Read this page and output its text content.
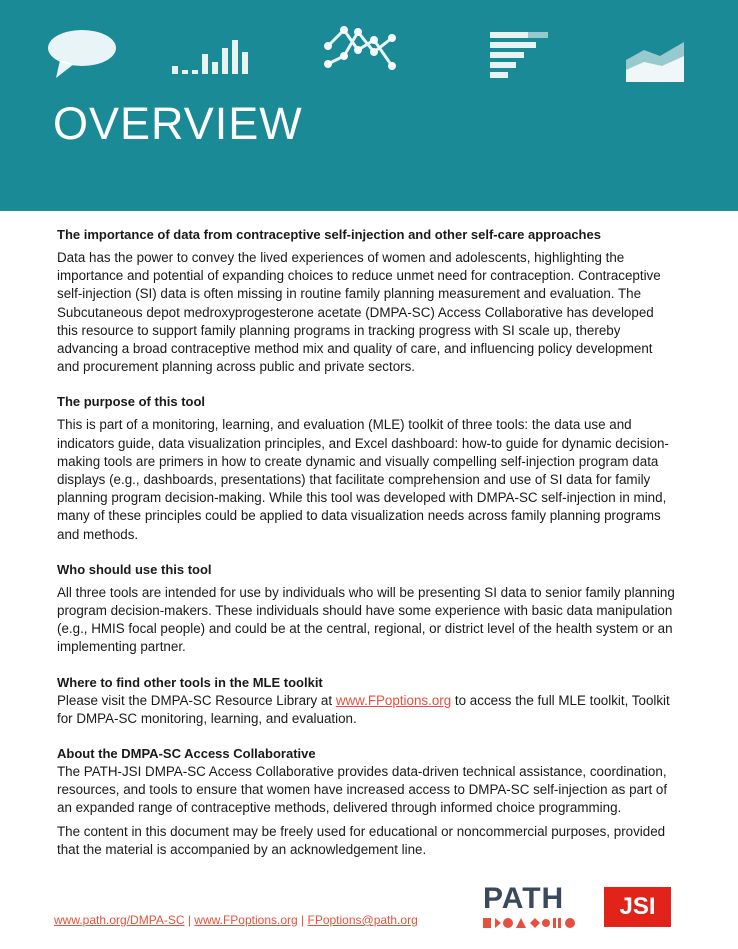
OVERVIEW
The importance of data from contraceptive self-injection and other self-care approaches

Data has the power to convey the lived experiences of women and adolescents, highlighting the importance and potential of expanding choices to reduce unmet need for contraception. Contraceptive self-injection (SI) data is often missing in routine family planning measurement and evaluation. The Subcutaneous depot medroxyprogesterone acetate (DMPA-SC) Access Collaborative has developed this resource to support family planning programs in tracking progress with SI scale up, thereby advancing a broad contraceptive method mix and quality of care, and influencing policy development and procurement planning across public and private sectors.

The purpose of this tool

This is part of a monitoring, learning, and evaluation (MLE) toolkit of three tools: the data use and indicators guide, data visualization principles, and Excel dashboard: how-to guide for dynamic decision-making tools are primers in how to create dynamic and visually compelling self-injection program data displays (e.g., dashboards, presentations) that facilitate comprehension and use of SI data for family planning program decision-making. While this tool was developed with DMPA-SC self-injection in mind, many of these principles could be applied to data visualization needs across family planning programs and methods.

Who should use this tool

All three tools are intended for use by individuals who will be presenting SI data to senior family planning program decision-makers. These individuals should have some experience with basic data manipulation (e.g., HMIS focal people) and could be at the central, regional, or district level of the health system or an implementing partner.

Where to find other tools in the MLE toolkit

Please visit the DMPA-SC Resource Library at www.FPoptions.org to access the full MLE toolkit, Toolkit for DMPA-SC monitoring, learning, and evaluation.

About the DMPA-SC Access Collaborative

The PATH-JSI DMPA-SC Access Collaborative provides data-driven technical assistance, coordination, resources, and tools to ensure that women have increased access to DMPA-SC self-injection as part of an expanded range of contraceptive methods, delivered through informed choice programming.

The content in this document may be freely used for educational or noncommercial purposes, provided that the material is accompanied by an acknowledgement line.

www.path.org/DMPA-SC | www.FPoptions.org | FPoptions@path.org
PATH	JSI
